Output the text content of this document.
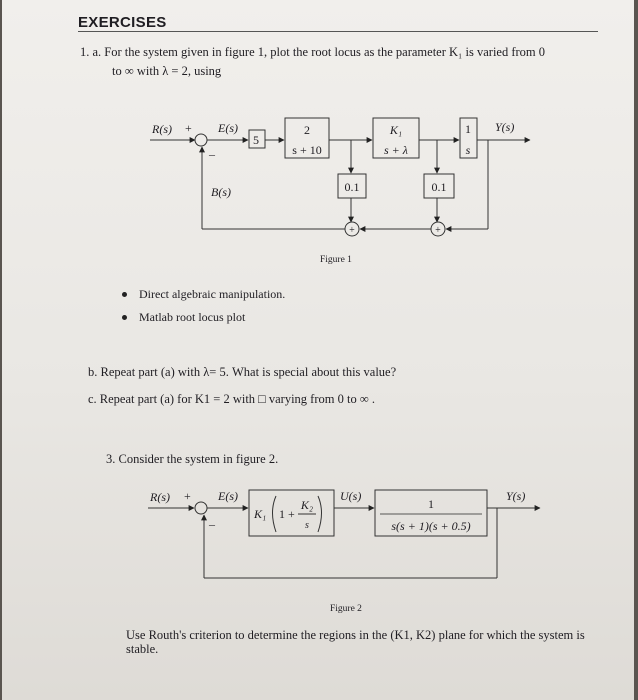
EXERCISES
1. a. For the system given in figure 1, plot the root locus as the parameter K₁ is varied from 0
to ∞ with λ = 2, using
R(s) +
–
E(s)
5
2
s + 10
K₁
s + λ
1
s
Y(s)
B(s)	0.1	0.1
+	+
Figure 1
Direct algebraic manipulation.
Matlab root locus plot
b. Repeat part (a) with λ= 5. What is special about this value?
c. Repeat part (a) for K1 = 2 with □ varying from 0 to ∞ .
3. Consider the system in figure 2.
R(s) +
–
E(s)
K₁ 1 +
K₂
s
U(s)
1
s(s + 1)(s + 0.5)
Y(s)
Figure 2
Use Routh's criterion to determine the regions in the (K1, K2) plane for which the system is stable.
